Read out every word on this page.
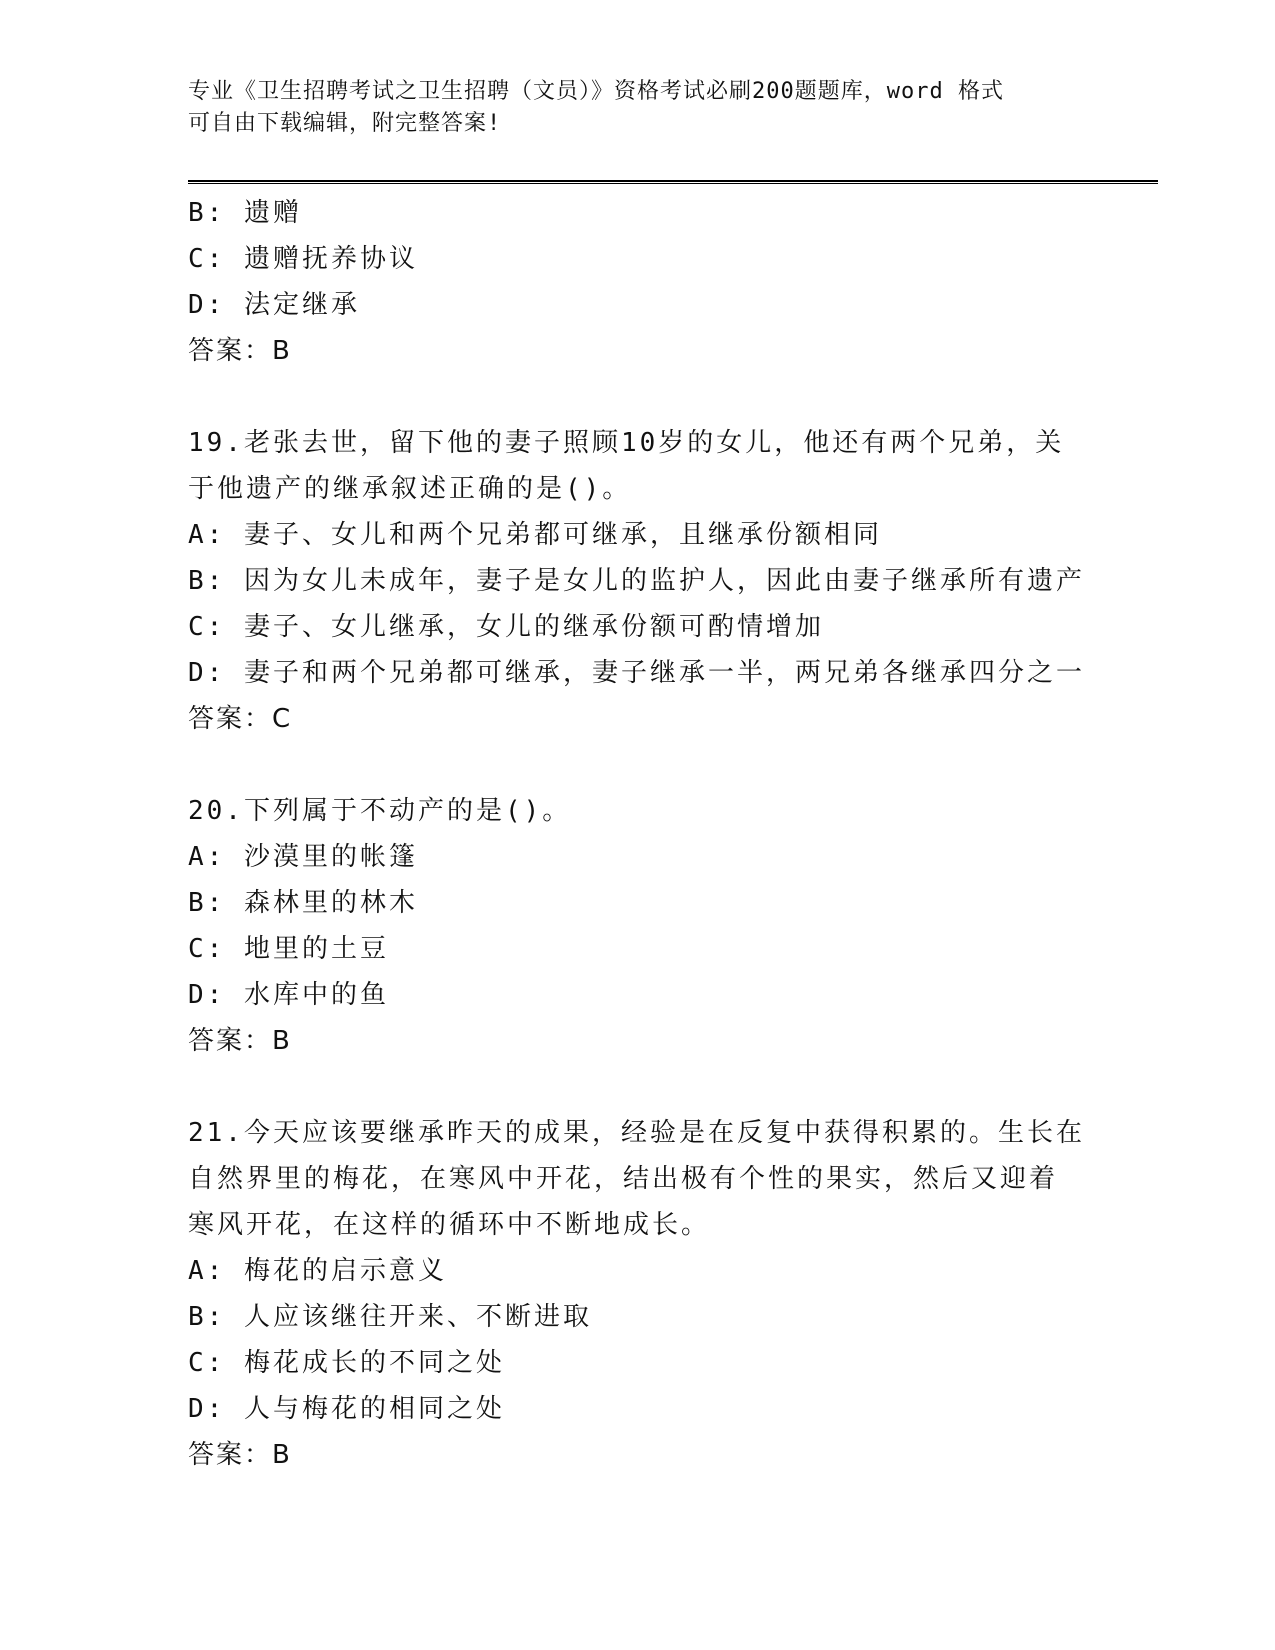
专业《卫生招聘考试之卫生招聘（文员）》资格考试必刷200题题库，word 格式
可自由下载编辑，附完整答案!
B: 遗赠
C: 遗赠抚养协议
D: 法定继承
答案：B
19.老张去世，留下他的妻子照顾10岁的女儿，他还有两个兄弟，关
于他遗产的继承叙述正确的是()。
A: 妻子、女儿和两个兄弟都可继承，且继承份额相同
B: 因为女儿未成年，妻子是女儿的监护人，因此由妻子继承所有遗产
C: 妻子、女儿继承，女儿的继承份额可酌情增加
D: 妻子和两个兄弟都可继承，妻子继承一半，两兄弟各继承四分之一
答案：C
20.下列属于不动产的是()。
A: 沙漠里的帐篷
B: 森林里的林木
C: 地里的土豆
D: 水库中的鱼
答案：B
21.今天应该要继承昨天的成果，经验是在反复中获得积累的。生长在
自然界里的梅花，在寒风中开花，结出极有个性的果实，然后又迎着
寒风开花，在这样的循环中不断地成长。
A: 梅花的启示意义
B: 人应该继往开来、不断进取
C: 梅花成长的不同之处
D: 人与梅花的相同之处
答案：B
